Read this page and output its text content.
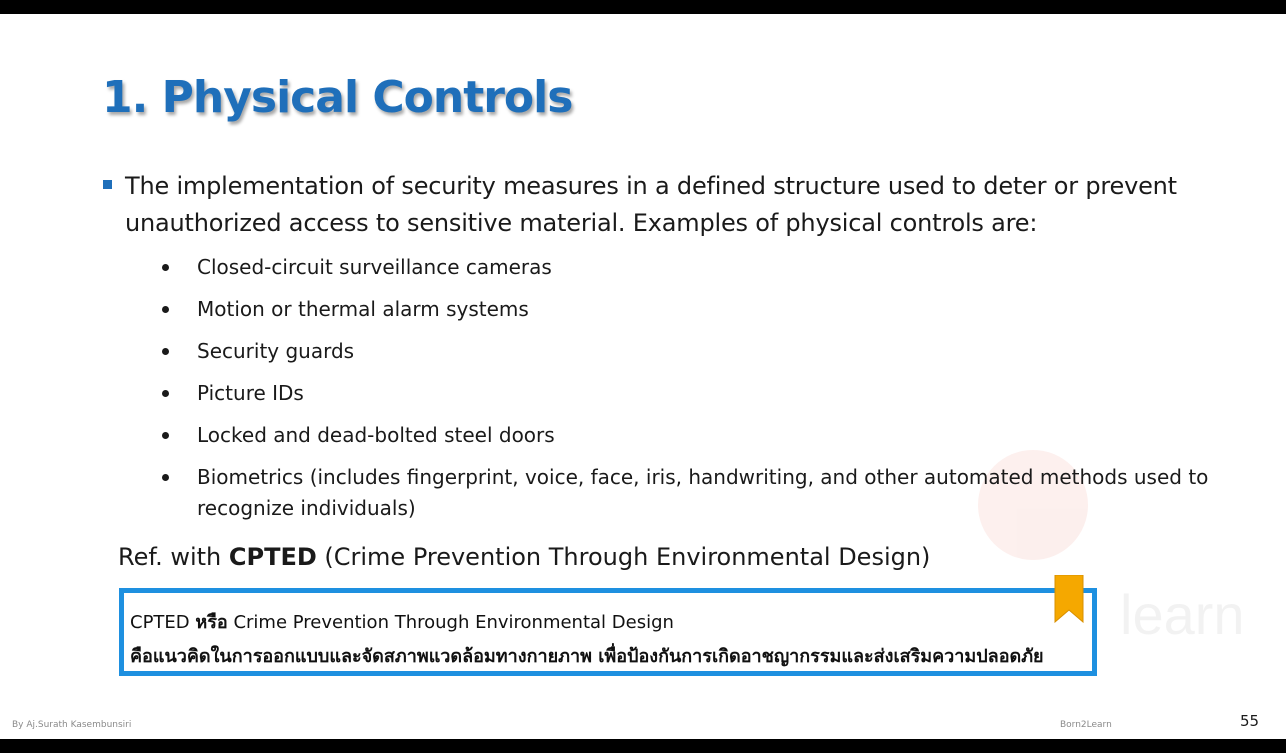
learn
1. Physical Controls
The implementation of security measures in a defined structure used to deter or prevent unauthorized access to sensitive material. Examples of physical controls are:
Closed-circuit surveillance cameras
Motion or thermal alarm systems
Security guards
Picture IDs
Locked and dead-bolted steel doors
Biometrics (includes fingerprint, voice, face, iris, handwriting, and other automated methods used to recognize individuals)
Ref. with CPTED (Crime Prevention Through Environmental Design)
CPTED หรือ Crime Prevention Through Environmental Design
คือแนวคิดในการออกแบบและจัดสภาพแวดล้อมทางกายภาพ เพื่อป้องกันการเกิดอาชญากรรมและส่งเสริมความปลอดภัย
By Aj.Surath Kasembunsiri	Born2Learn	55
